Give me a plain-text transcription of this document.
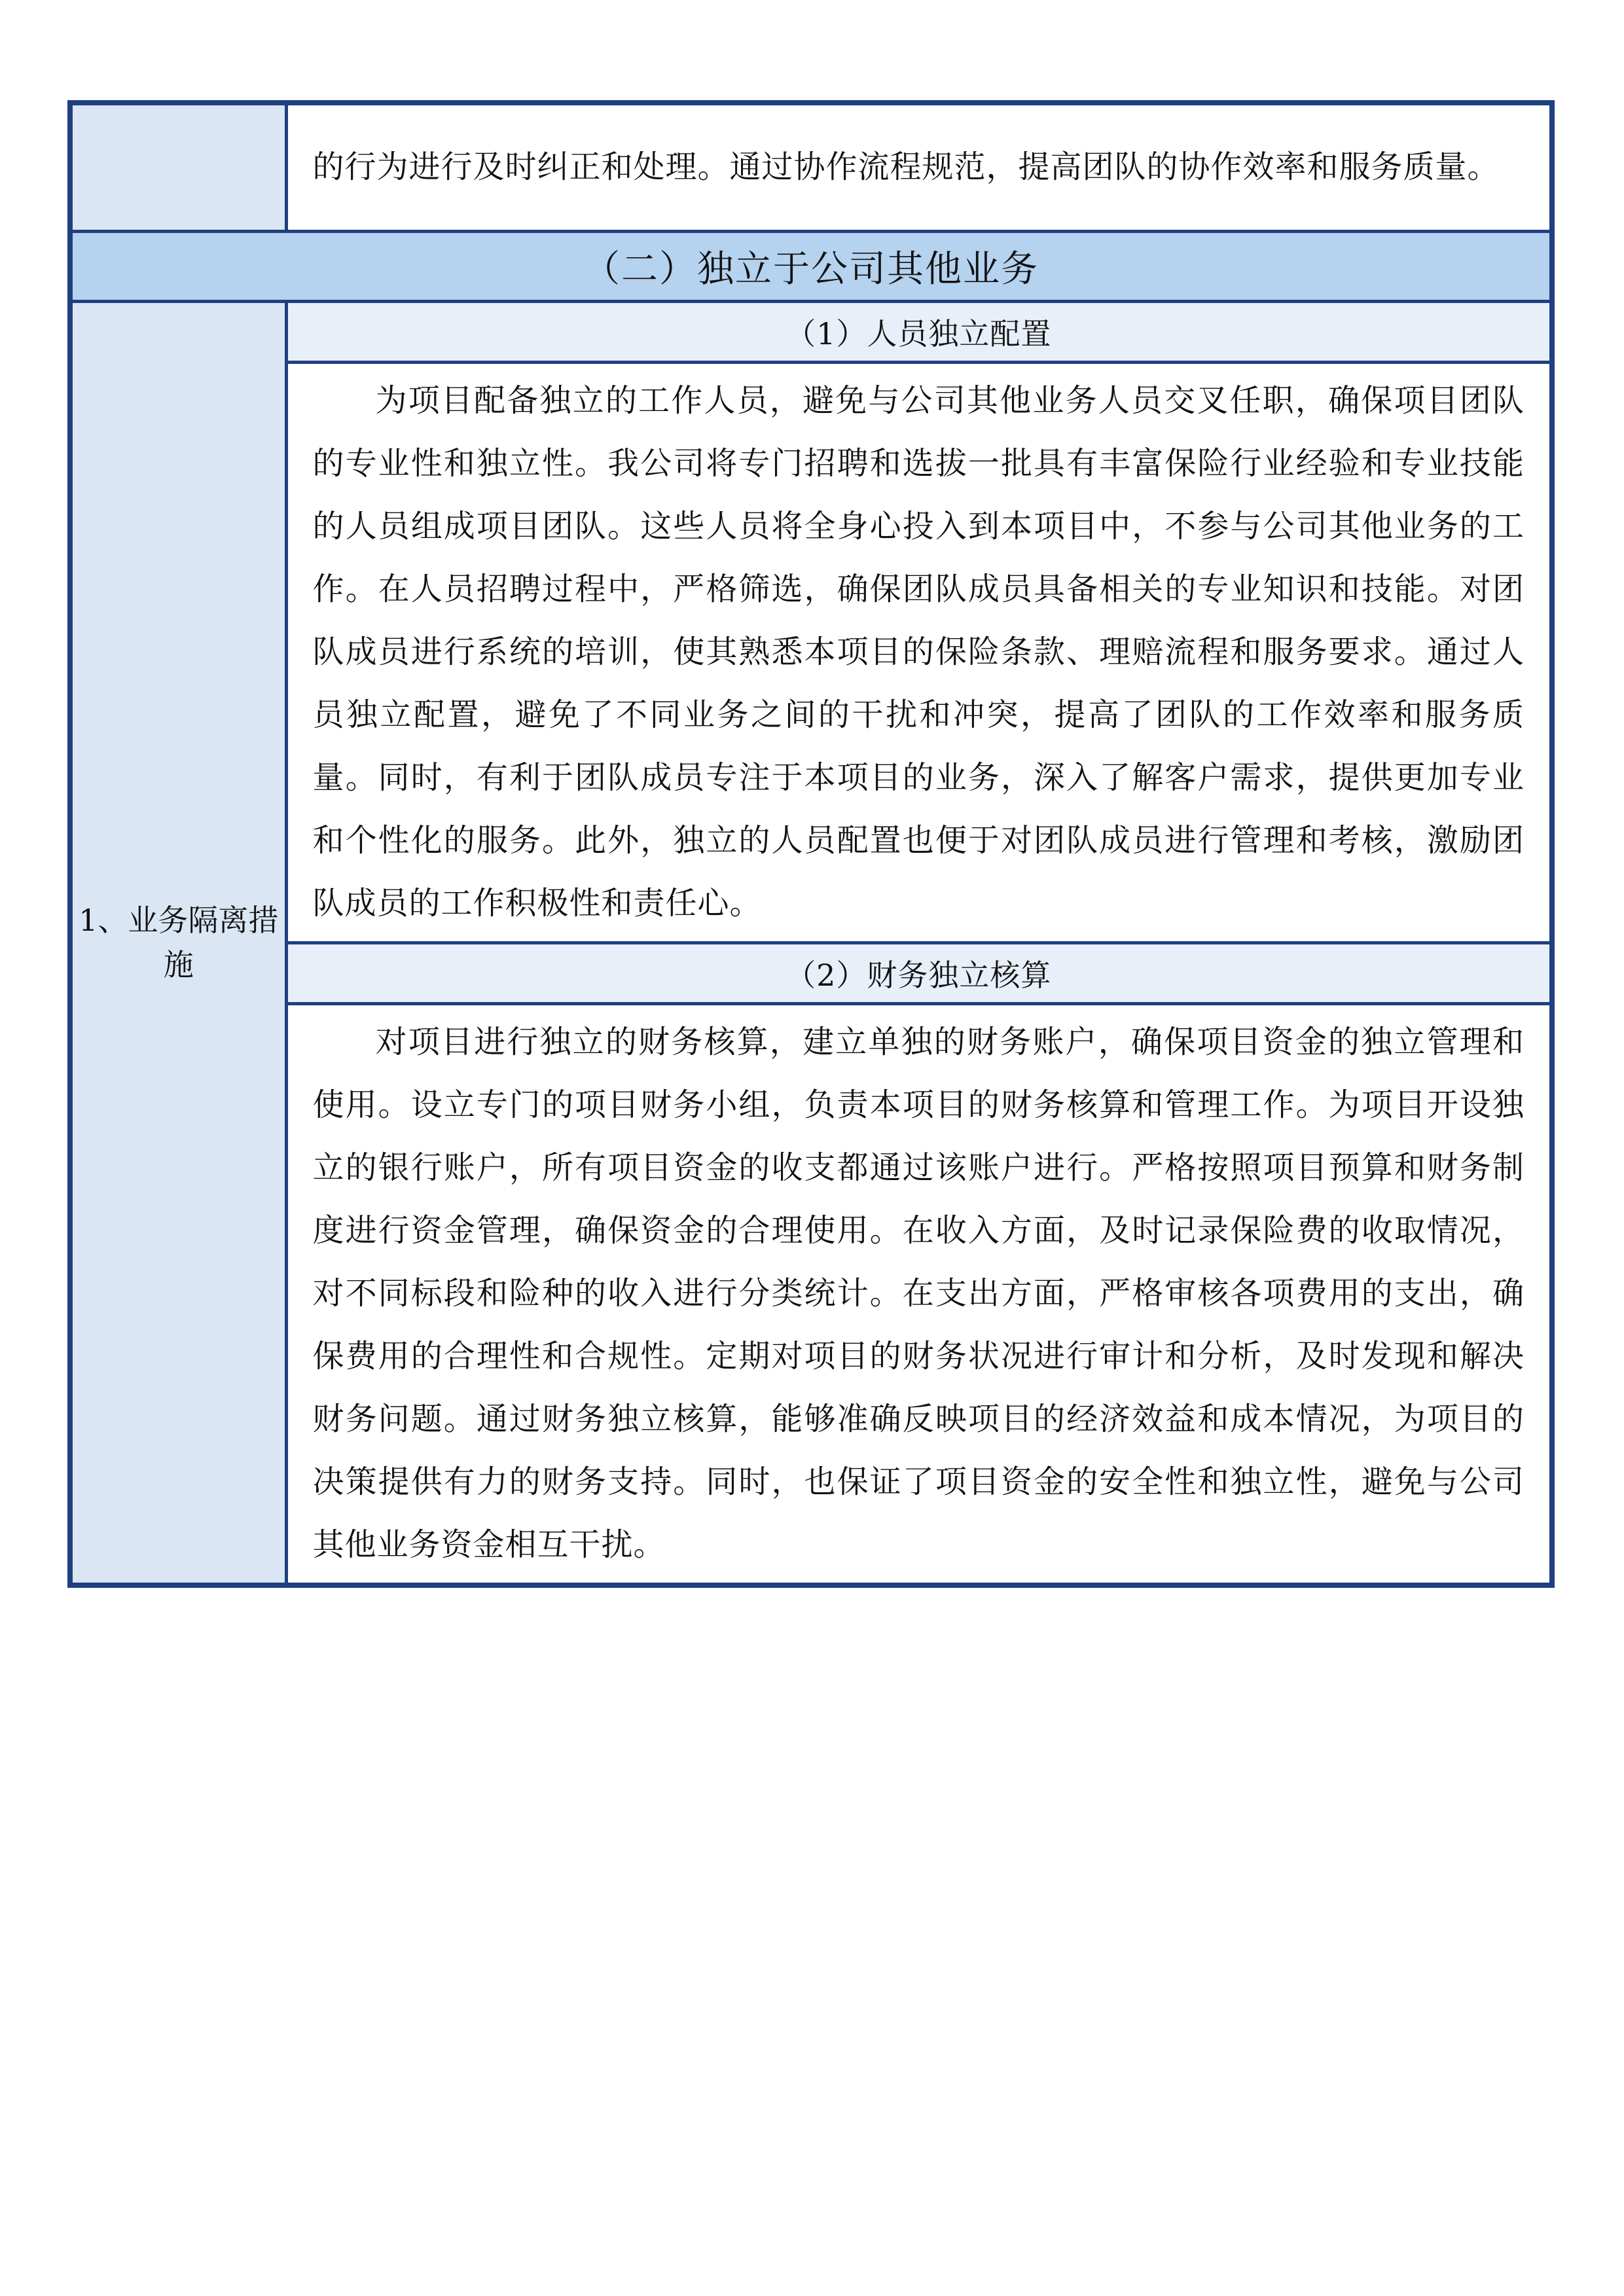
	的行为进行及时纠正和处理。通过协作流程规范，提高团队的协作效率和服务质量。

（二）独立于公司其他业务	
1、业务隔离措施	（1）人员独立配置

	为项目配备独立的工作人员，避免与公司其他业务人员交叉任职，确保项目团队的专业性和独立性。我公司将专门招聘和选拔一批具有丰富保险行业经验和专业技能的人员组成项目团队。这些人员将全身心投入到本项目中，不参与公司其他业务的工作。在人员招聘过程中，严格筛选，确保团队成员具备相关的专业知识和技能。对团队成员进行系统的培训，使其熟悉本项目的保险条款、理赔流程和服务要求。通过人员独立配置，避免了不同业务之间的干扰和冲突，提高了团队的工作效率和服务质量。同时，有利于团队成员专注于本项目的业务，深入了解客户需求，提供更加专业和个性化的服务。此外，独立的人员配置也便于对团队成员进行管理和考核，激励团队成员的工作积极性和责任心。

	（2）财务独立核算

	对项目进行独立的财务核算，建立单独的财务账户，确保项目资金的独立管理和使用。设立专门的项目财务小组，负责本项目的财务核算和管理工作。为项目开设独立的银行账户，所有项目资金的收支都通过该账户进行。严格按照项目预算和财务制度进行资金管理，确保资金的合理使用。在收入方面，及时记录保险费的收取情况，对不同标段和险种的收入进行分类统计。在支出方面，严格审核各项费用的支出，确保费用的合理性和合规性。定期对项目的财务状况进行审计和分析，及时发现和解决财务问题。通过财务独立核算，能够准确反映项目的经济效益和成本情况，为项目的决策提供有力的财务支持。同时，也保证了项目资金的安全性和独立性，避免与公司其他业务资金相互干扰。
